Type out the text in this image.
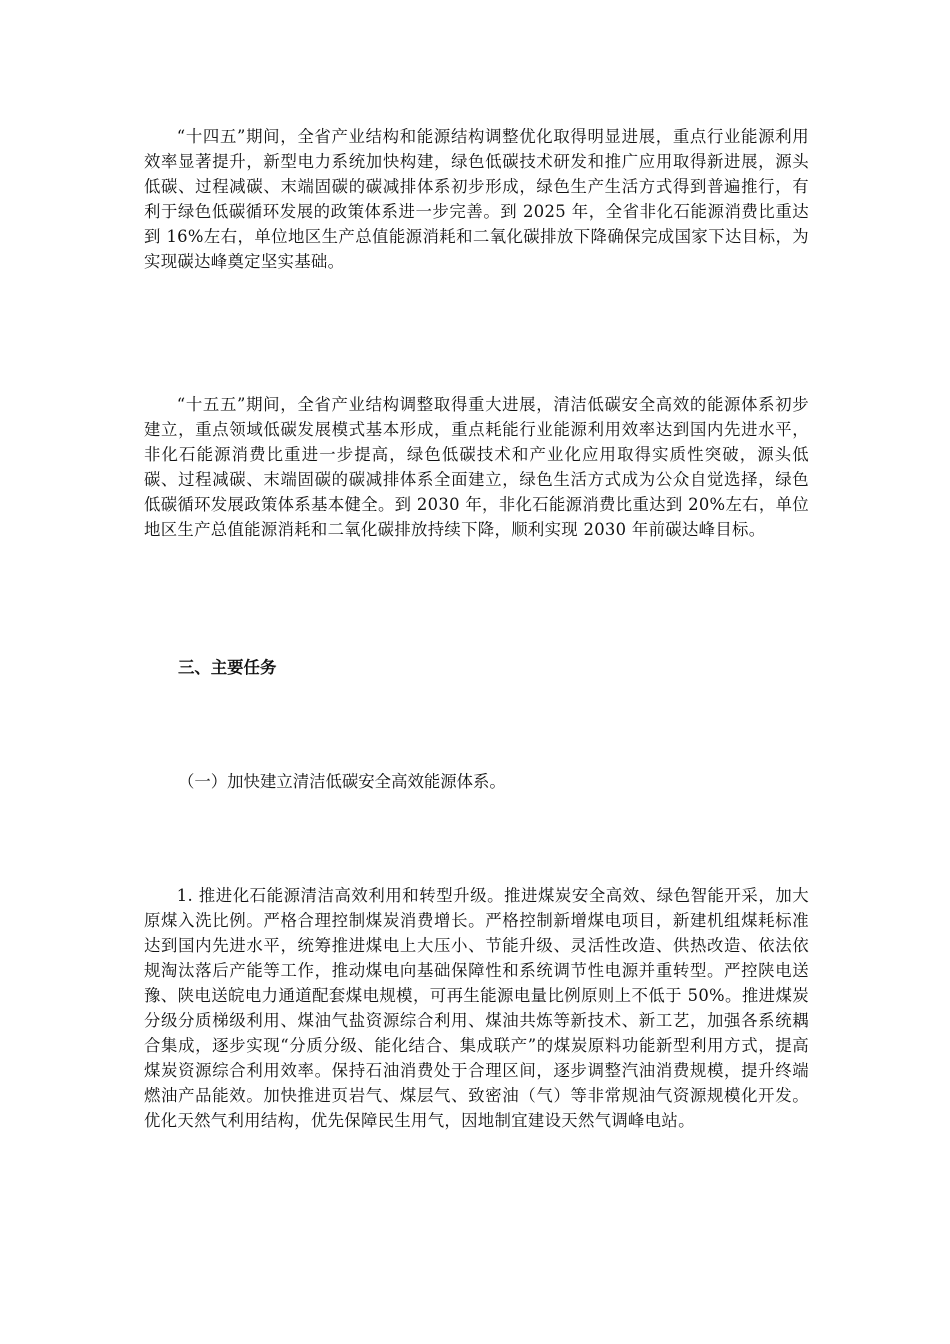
“十四五”期间，全省产业结构和能源结构调整优化取得明显进展，重点行业能源利用效率显著提升，新型电力系统加快构建，绿色低碳技术研发和推广应用取得新进展，源头低碳、过程减碳、末端固碳的碳减排体系初步形成，绿色生产生活方式得到普遍推行，有利于绿色低碳循环发展的政策体系进一步完善。到 2025 年，全省非化石能源消费比重达到 16%左右，单位地区生产总值能源消耗和二氧化碳排放下降确保完成国家下达目标，为实现碳达峰奠定坚实基础。

“十五五”期间，全省产业结构调整取得重大进展，清洁低碳安全高效的能源体系初步建立，重点领域低碳发展模式基本形成，重点耗能行业能源利用效率达到国内先进水平，非化石能源消费比重进一步提高，绿色低碳技术和产业化应用取得实质性突破，源头低碳、过程减碳、末端固碳的碳减排体系全面建立，绿色生活方式成为公众自觉选择，绿色低碳循环发展政策体系基本健全。到 2030 年，非化石能源消费比重达到 20%左右，单位地区生产总值能源消耗和二氧化碳排放持续下降，顺利实现 2030 年前碳达峰目标。

三、主要任务

（一）加快建立清洁低碳安全高效能源体系。

1. 推进化石能源清洁高效利用和转型升级。推进煤炭安全高效、绿色智能开采，加大原煤入洗比例。严格合理控制煤炭消费增长。严格控制新增煤电项目，新建机组煤耗标准达到国内先进水平，统筹推进煤电上大压小、节能升级、灵活性改造、供热改造、依法依规淘汰落后产能等工作，推动煤电向基础保障性和系统调节性电源并重转型。严控陕电送豫、陕电送皖电力通道配套煤电规模，可再生能源电量比例原则上不低于 50%。推进煤炭分级分质梯级利用、煤油气盐资源综合利用、煤油共炼等新技术、新工艺，加强各系统耦合集成，逐步实现“分质分级、能化结合、集成联产”的煤炭原料功能新型利用方式，提高煤炭资源综合利用效率。保持石油消费处于合理区间，逐步调整汽油消费规模，提升终端燃油产品能效。加快推进页岩气、煤层气、致密油（气）等非常规油气资源规模化开发。优化天然气利用结构，优先保障民生用气，因地制宜建设天然气调峰电站。
